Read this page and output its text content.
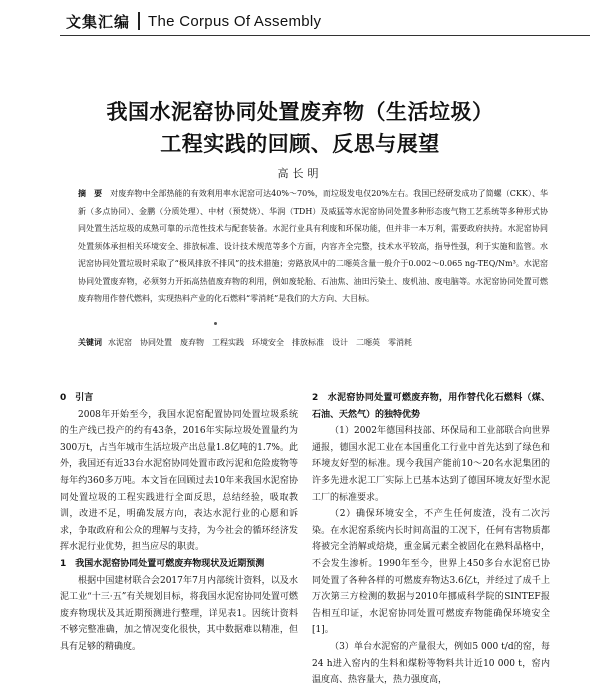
文集汇编 The Corpus Of Assembly
我国水泥窑协同处置废弃物（生活垃圾）
工程实践的回顾、反思与展望
高长明
摘　要 对废弃物中全部热能的有效利用率水泥窑可达40%～70%，而垃圾发电仅20%左右。我国已经研发成功了简螺（CKK）、华新（多点协同）、金鹏（分质处理）、中材（预焚烧）、华润（TDH）及威猛等水泥窑协同处置多种形态废气物工艺系统等多种形式协同处置生活垃圾的成熟可靠的示范性技术与配套装备。水泥行业具有利废和环保功能，但并非一本万利，需要政府扶持。水泥窑协同处置须体承担相关环境安全、排放标准、设计技术规范等多个方面，内容齐全完整，技术水平较高，指导性强，利于实施和监管。水泥窑协同处置垃圾时采取了“极风排放不排风”的技术措施；旁路放风中的二噁英含量一般介于0.002～0.065 ng-TEQ/Nm³。水泥窑协同处置废弃物，必须努力开拓高热值废弃物的利用，例如废轮胎、石油焦、油田污染土、废机油、废电脑等。水泥窑协同处置可燃废弃物用作替代燃料，实现热料产业的化石燃料“零消耗”是我们的大方向、大目标。
关键词 水泥窑　协同处置　废弃物　工程实践　环境安全　排放标准　设计　二噁英　零消耗

0　引言

2008年开始至今，我国水泥窑配置协同处置垃圾系统的生产线已投产的约有43条，2016年实际垃圾处置量约为300万t，占当年城市生活垃圾产出总量1.8亿吨的1.7%。此外，我国还有近33台水泥窑协同处置市政污泥和危险废物等每年约360多万吨。本文旨在回顾过去10年来我国水泥窑协同处置垃圾的工程实践进行全面反思，总结经验，吸取教训，改进不足，明确发展方向，表达水泥行业的心愿和诉求，争取政府和公众的理解与支持，为今社会的循环经济发挥水泥行业优势，担当应尽的职责。

1　我国水泥窑协同处置可燃废弃物现状及近期预测

根据中国建材联合会2017年7月内部统计资料，以及水泥工业“十三·五”有关规划目标，将我国水泥窑协同处置可燃废弃物现状及其近期预测进行整理，详见表1。因统计资料不够完整准确，加之情况变化很快，其中数据难以精准，但具有足够的精确度。

2　水泥窑协同处置可燃废弃物，用作替代化石燃料（煤、石油、天然气）的独特优势

（1）2002年德国科技部、环保局和工业部联合向世界通报，德国水泥工业在本国重化工行业中首先达到了绿色和环境友好型的标准。现今我国产能前10～20名水泥集团的许多先进水泥工厂实际上已基本达到了德国环境友好型水泥工厂的标准要求。

（2）确保环境安全，不产生任何废渣，没有二次污染。在水泥窑系统内长时间高温的工况下，任何有害物质都将被完全消解或焙烧，重金属元素全被固化在熟料晶格中，不会发生渗析。1990年至今，世界上450多台水泥窑已协同处置了各种各样的可燃废弃物达3.6亿t，并经过了成千上万次第三方检测的数据与2010年挪威科学院的SINTEF报告相互印证，水泥窑协同处置可燃废弃物能确保环境安全[1]。

（3）单台水泥窑的产量很大，例如5 000 t/d的窑，每24 h进入窑内的生料和煤粉等物料共计近10 000 t，窑内温度高、热容量大，热力强度高，
